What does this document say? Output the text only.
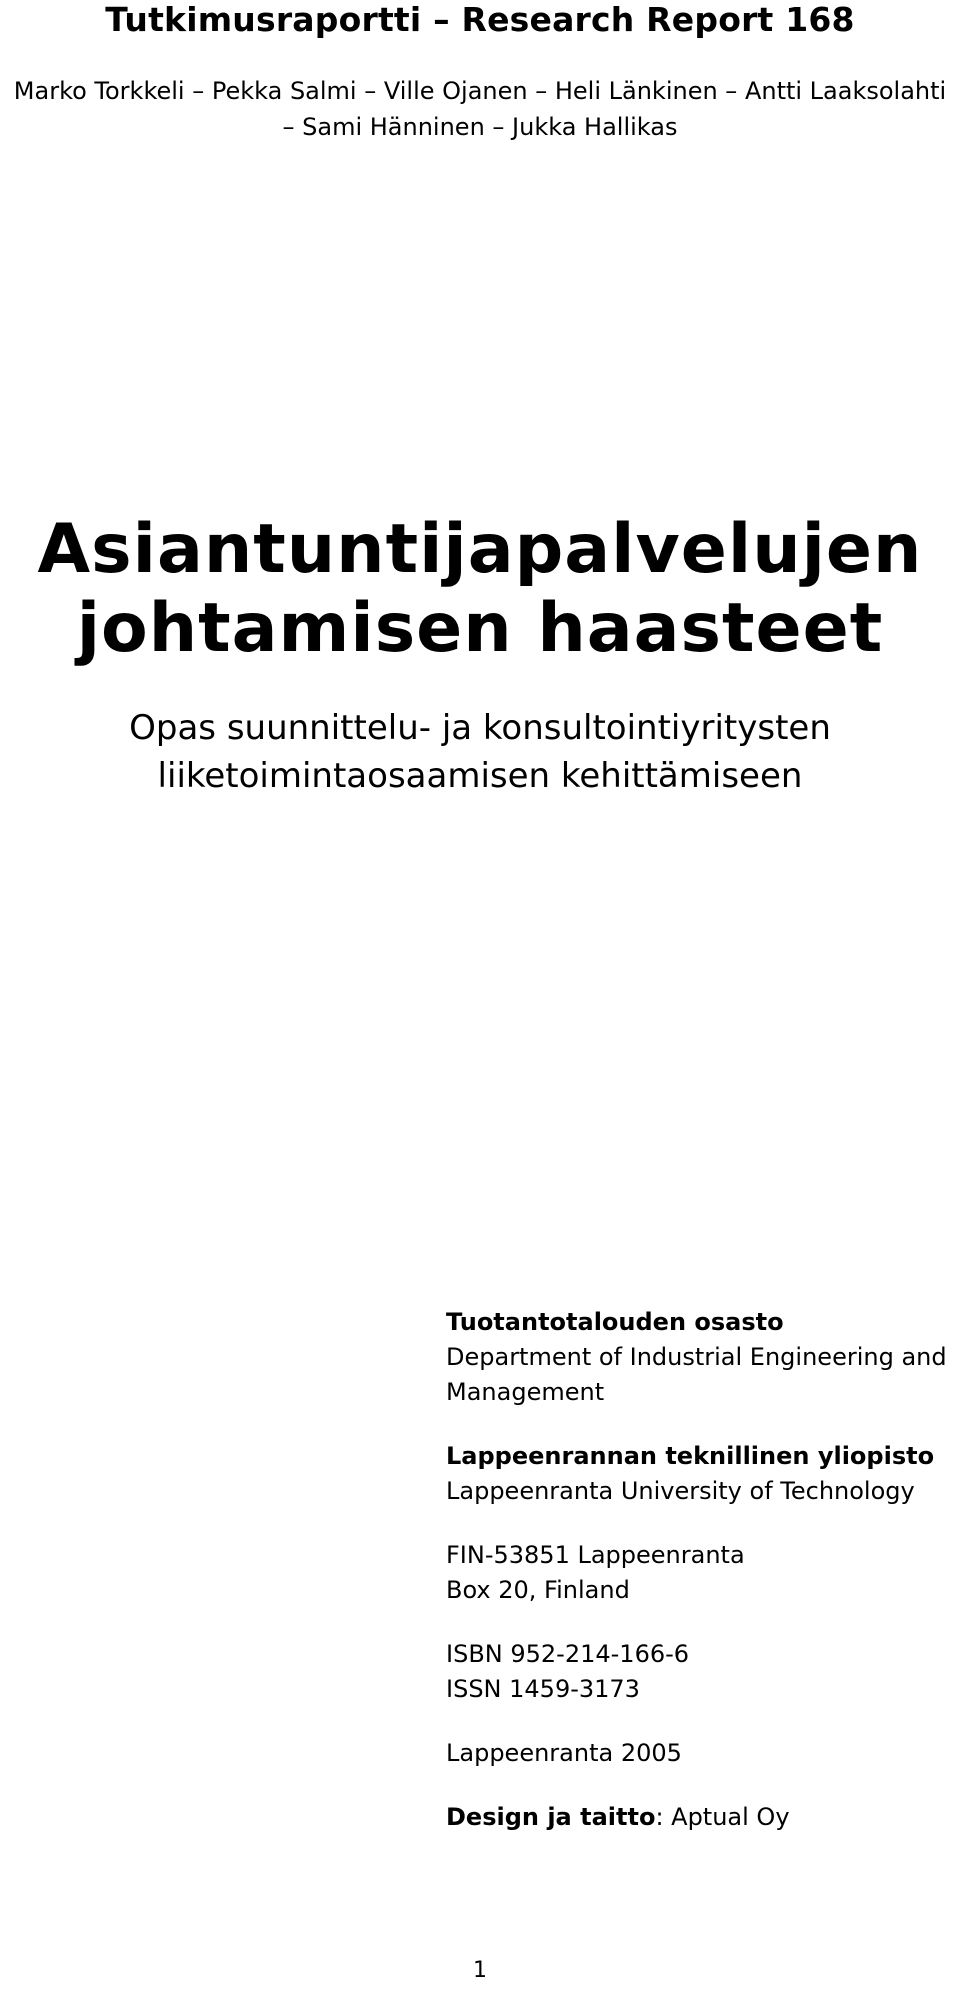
Tutkimusraportti – Research Report 168
Marko Torkkeli – Pekka Salmi – Ville Ojanen – Heli Länkinen – Antti Laaksolahti
– Sami Hänninen – Jukka Hallikas
Asiantuntijapalvelujen
johtamisen haasteet
Opas suunnittelu- ja konsultointiyritysten
liiketoimintaosaamisen kehittämiseen
Tuotantotalouden osasto
Department of Industrial Engineering and
Management
Lappeenrannan teknillinen yliopisto
Lappeenranta University of Technology
FIN-53851 Lappeenranta
Box 20, Finland
ISBN 952-214-166-6
ISSN 1459-3173
Lappeenranta 2005
Design ja taitto: Aptual Oy
1
